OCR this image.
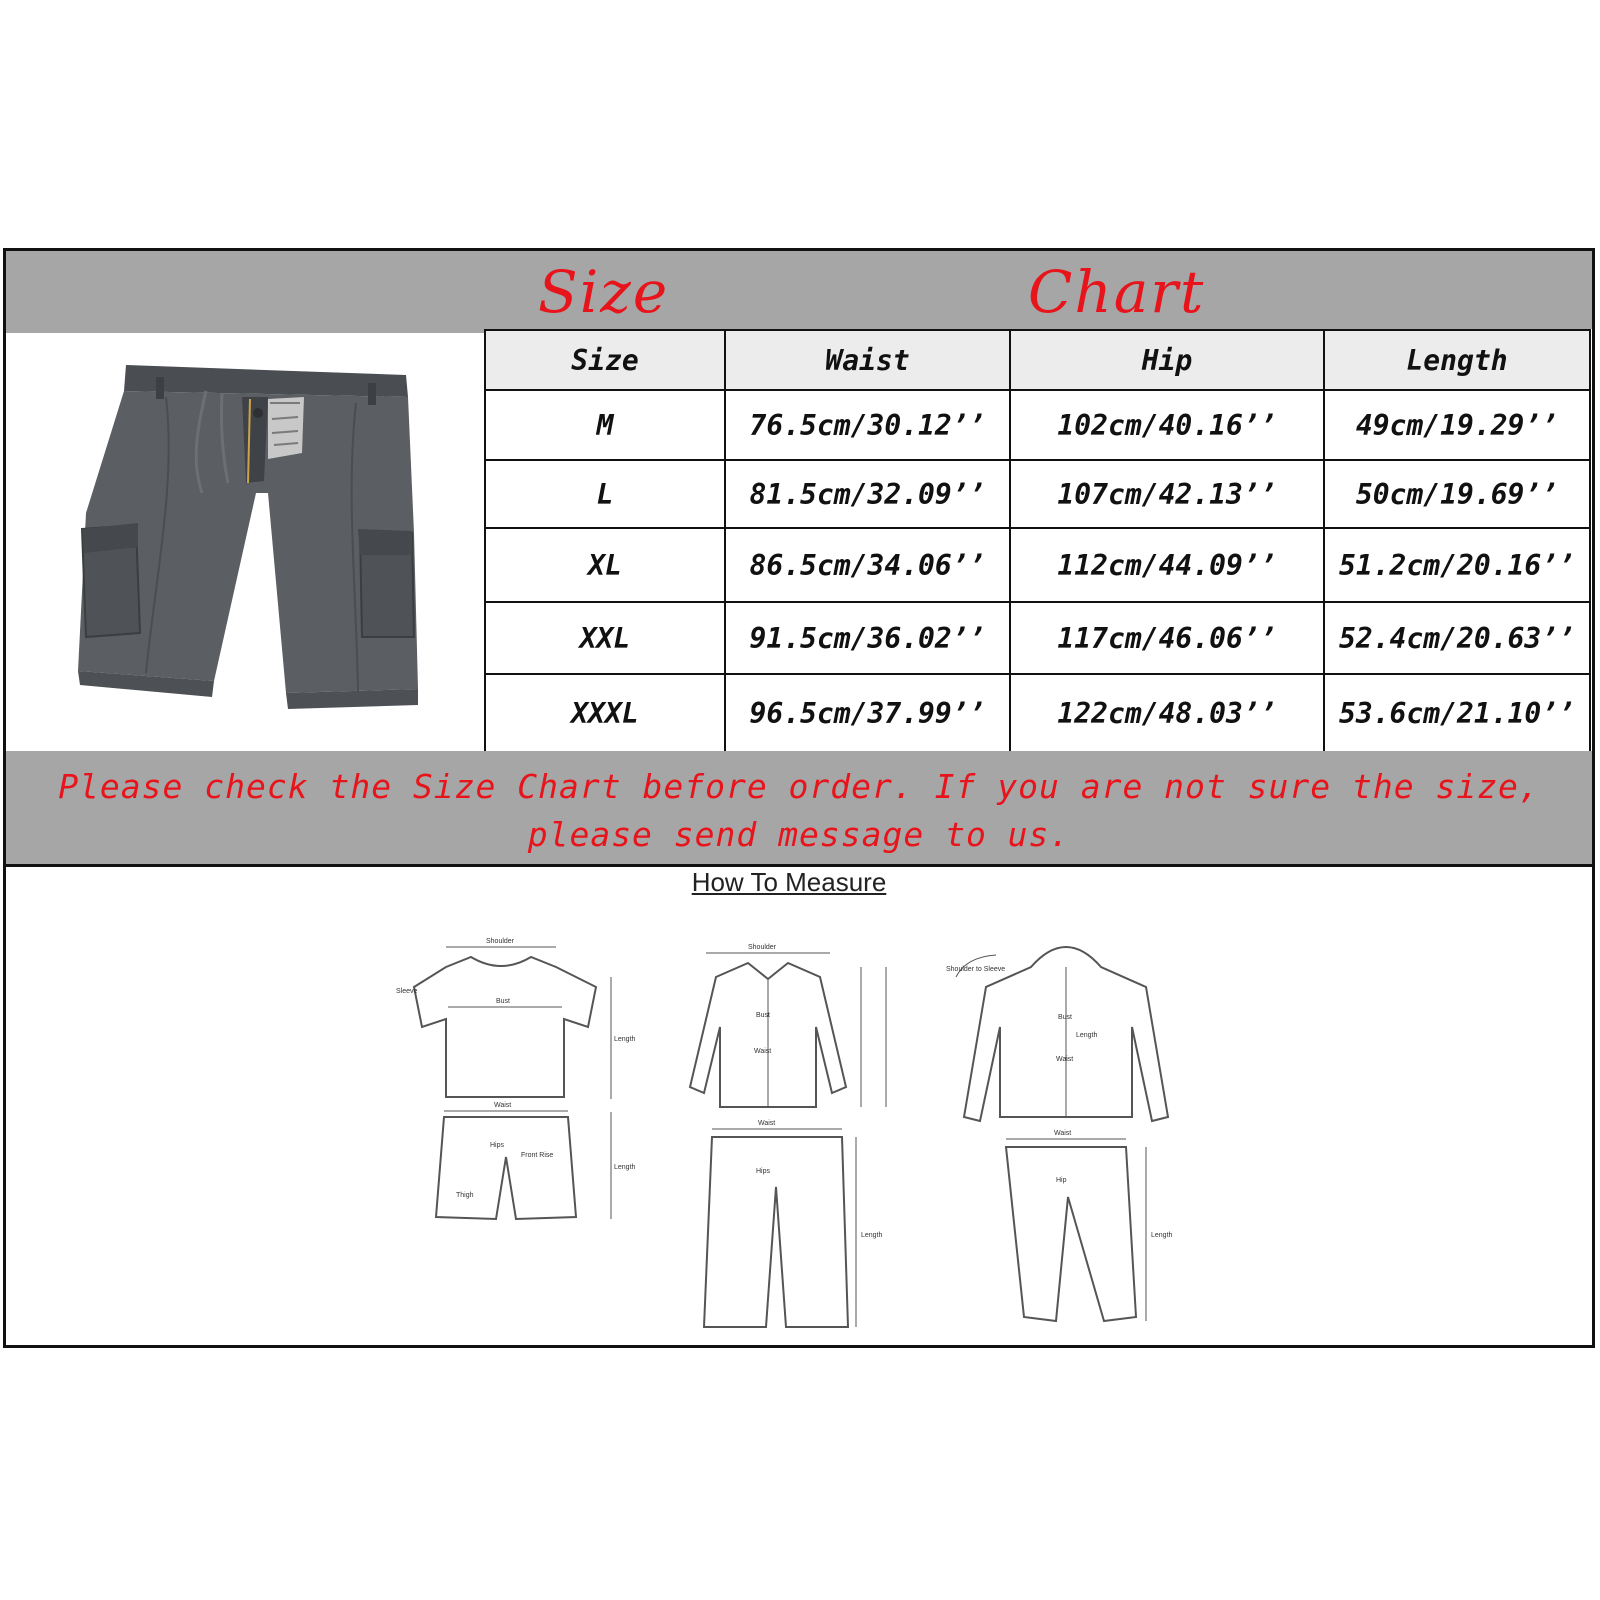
Size	Chart
Size	Waist	Hip	Length
M	76.5cm/30.12’’	102cm/40.16’’	49cm/19.29’’
L	81.5cm/32.09’’	107cm/42.13’’	50cm/19.69’’
XL	86.5cm/34.06’’	112cm/44.09’’	51.2cm/20.16’’
XXL	91.5cm/36.02’’	117cm/46.06’’	52.4cm/20.63’’
XXXL	96.5cm/37.99’’	122cm/48.03’’	53.6cm/21.10’’

Please check the Size Chart before order. If you are not sure the size,
please send message to us.

How To Measure
Shoulder
Bust
Length
Sleeve
Waist
Hips
Front Rise
Thigh
Length
Shoulder
Bust
Waist
Waist
Hips
Length
Bust
Waist
Length
Shoulder to Sleeve
Waist
Hip
Length
